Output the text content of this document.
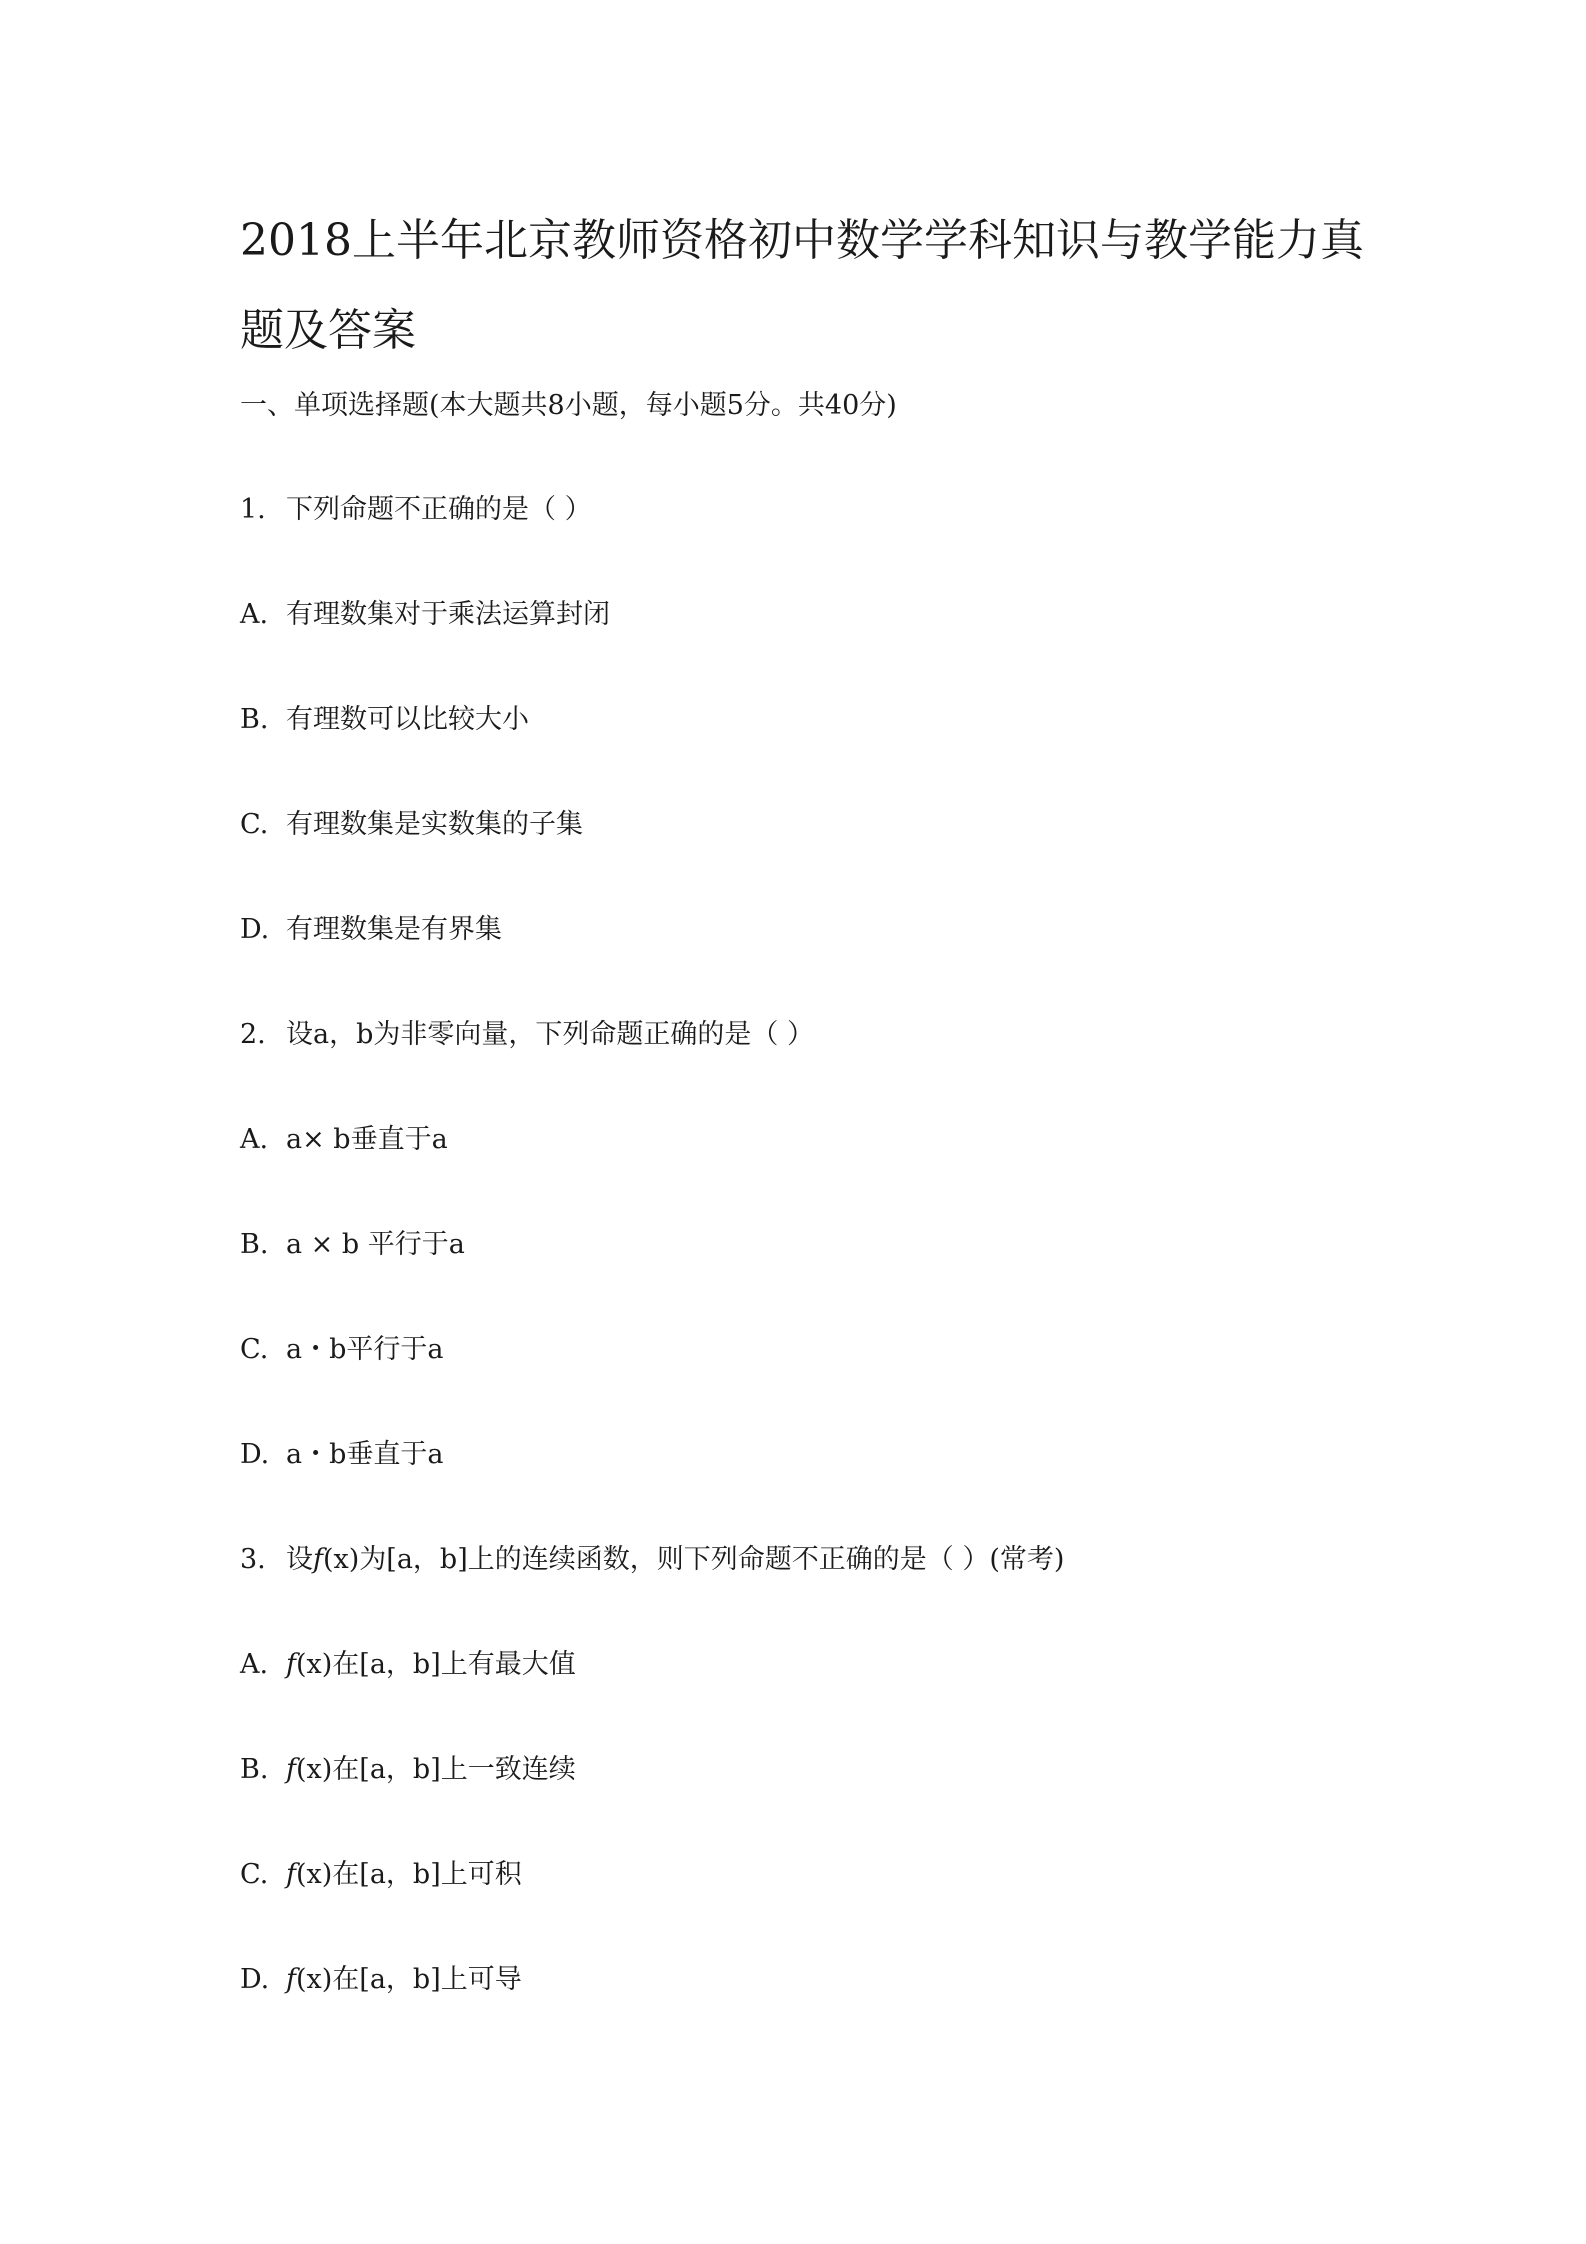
2018上半年北京教师资格初中数学学科知识与教学能力真
题及答案
一、单项选择题(本大题共8小题，每小题5分。共40分)
1. 下列命题不正确的是（ ）
A. 有理数集对于乘法运算封闭
B. 有理数可以比较大小
C. 有理数集是实数集的子集
D. 有理数集是有界集
2. 设a，b为非零向量，下列命题正确的是（ ）
A. a× b垂直于a
B. a × b 平行于a
C. a・b平行于a
D. a・b垂直于a
3. 设f(x)为[a，b]上的连续函数，则下列命题不正确的是（ ）(常考)
A. f(x)在[a，b]上有最大值
B. f(x)在[a，b]上一致连续
C. f(x)在[a，b]上可积
D. f(x)在[a，b]上可导
